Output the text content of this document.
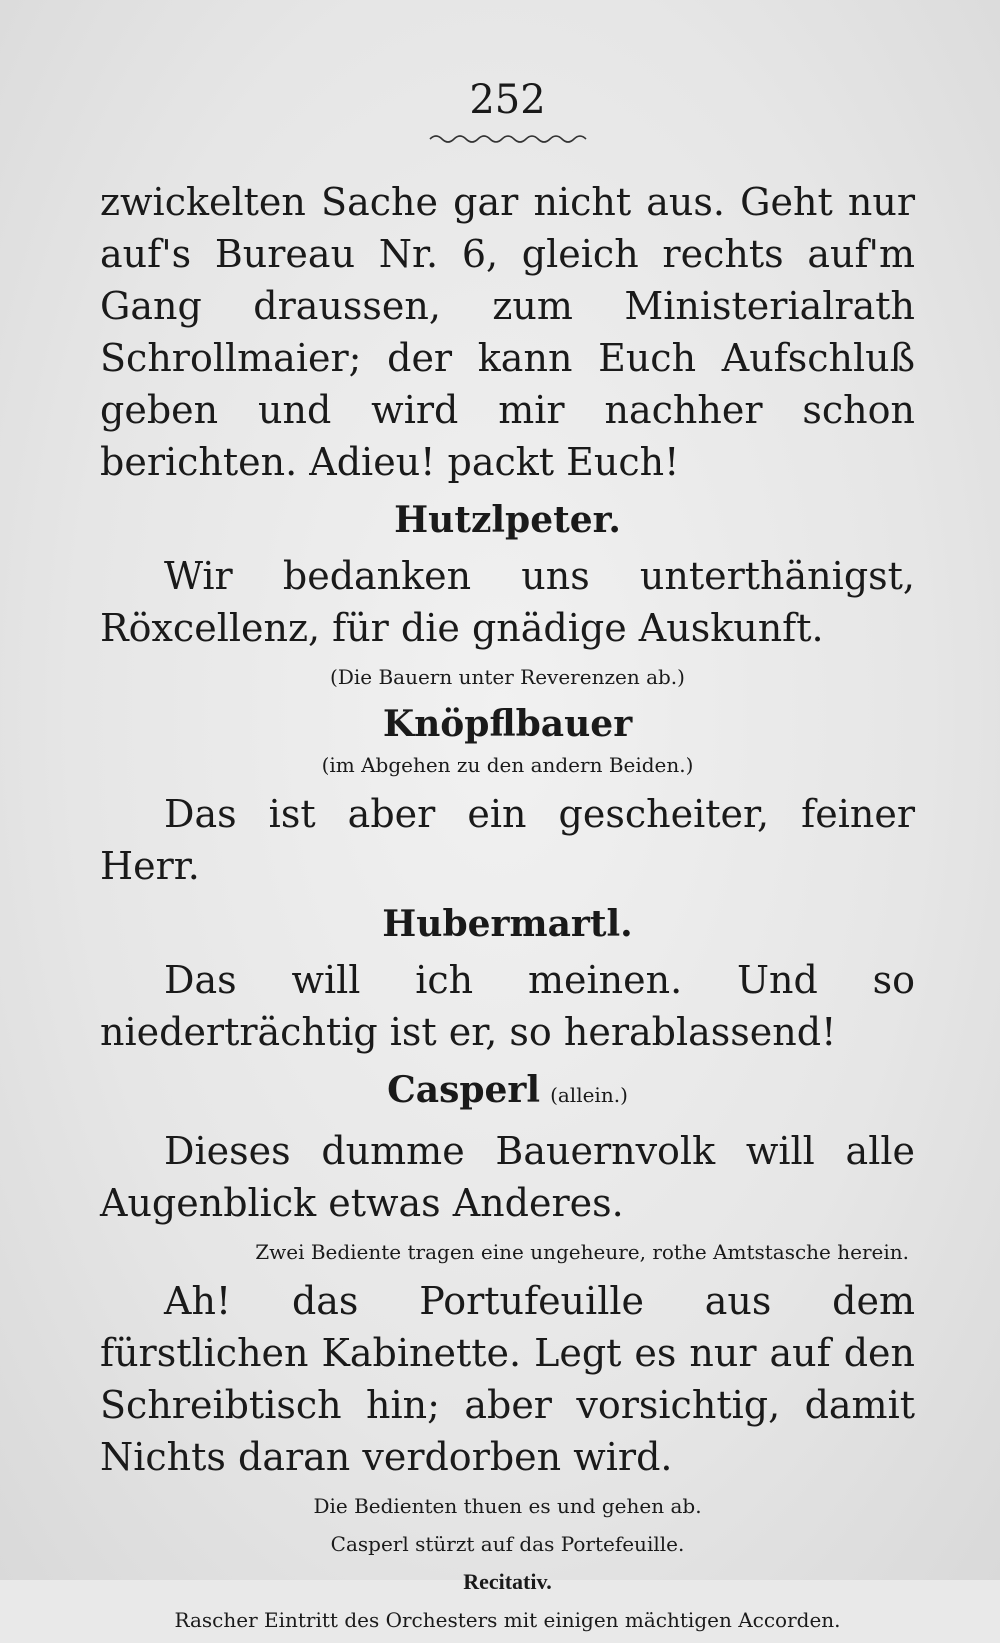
252

zwickelten Sache gar nicht aus. Geht nur auf's Bureau Nr. 6, gleich rechts auf'm Gang draussen, zum Ministerialrath Schrollmaier; der kann Euch Aufschluß geben und wird mir nachher schon berichten. Adieu! packt Euch!

Hutzlpeter.

Wir bedanken uns unterthänigst, Röxcellenz, für die gnädige Auskunft.

(Die Bauern unter Reverenzen ab.)
Knöpflbauer
(im Abgehen zu den andern Beiden.)

Das ist aber ein gescheiter, feiner Herr.

Hubermartl.

Das will ich meinen. Und so niederträchtig ist er, so herablassend!

Casperl (allein.)

Dieses dumme Bauernvolk will alle Augenblick etwas Anderes.

Zwei Bediente tragen eine ungeheure, rothe Amtstasche herein.

Ah! das Portufeuille aus dem fürstlichen Kabinette. Legt es nur auf den Schreibtisch hin; aber vorsichtig, damit Nichts daran verdorben wird.

Die Bedienten thuen es und gehen ab.
Casperl stürzt auf das Portefeuille.
Recitativ.
Rascher Eintritt des Orchesters mit einigen mächtigen Accorden.
